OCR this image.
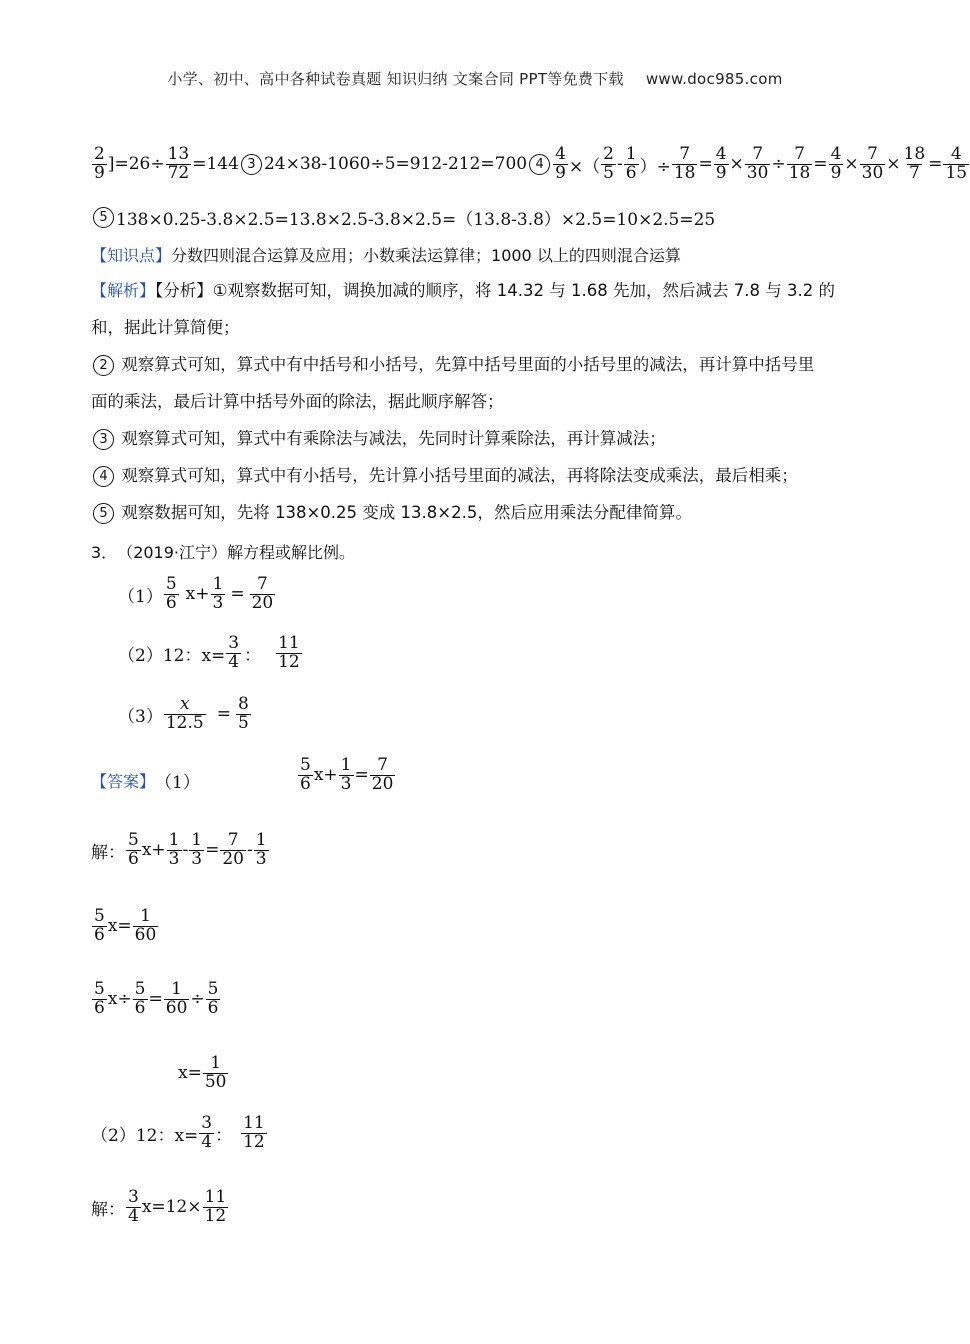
小学、初中、高中各种试卷真题 知识归纳 文案合同 PPT等免费下载 www.doc985.com
$\frac{2}{9} ]=26\div \frac{13}{72} =144$ 3 24×38-1060÷5=912-212=700 $4 \frac{4}{9}$ ×（ $\frac{2}{5} - \frac{1}{6}$ ）÷ $\frac{7}{18} = \frac{4}{9} \times \frac{7}{30} \div \frac{7}{18} = \frac{4}{9} \times \frac{7}{30} \times \frac{18}{7} = \frac{4}{15}$
5 138×0.25-3.8×2.5=13.8×2.5-3.8×2.5=（13.8-3.8）×2.5=10×2.5=25
【知识点】 分数四则混合运算及应用；小数乘法运算律；1000 以上的四则混合运算
【解析】【分析】①观察数据可知，调换加减的顺序，将 14.32 与 1.68 先加，然后减去 7.8 与 3.2 的
和，据此计算简便；
2 观察算式可知，算式中有中括号和小括号，先算中括号里面的小括号里的减法，再计算中括号里
面的乘法，最后计算中括号外面的除法，据此顺序解答；
3 观察算式可知，算式中有乘除法与减法，先同时计算乘除法，再计算减法；
4 观察算式可知，算式中有小括号，先计算小括号里面的减法，再将除法变成乘法，最后相乘；
5 观察数据可知，先将 138×0.25 变成 13.8×2.5，然后应用乘法分配律简算。
3． （2019·江宁）解方程或解比例。
$(1) \frac{5}{6} x+ \frac{1}{3} = \frac{7}{20}$
（2）12：$x= \frac{3}{4}$ ： $\frac{11}{12}$
$(3) \frac{x}{12.5} = \frac{8}{5}$
【答案】 （1）	$\frac{5}{6} x+ \frac{1}{3} = \frac{7}{20}$
解： $\frac{5}{6} x+ \frac{1}{3} - \frac{1}{3} = \frac{7}{20} - \frac{1}{3}$
$\frac{5}{6} x= \frac{1}{60}$
$\frac{5}{6} x\div \frac{5}{6} = \frac{1}{60} \div \frac{5}{6}$
$x= \frac{1}{50}$
（2）12：$x= \frac{3}{4}$ ： $\frac{11}{12}$
解： $\frac{3}{4} x=12\times \frac{11}{12}$
